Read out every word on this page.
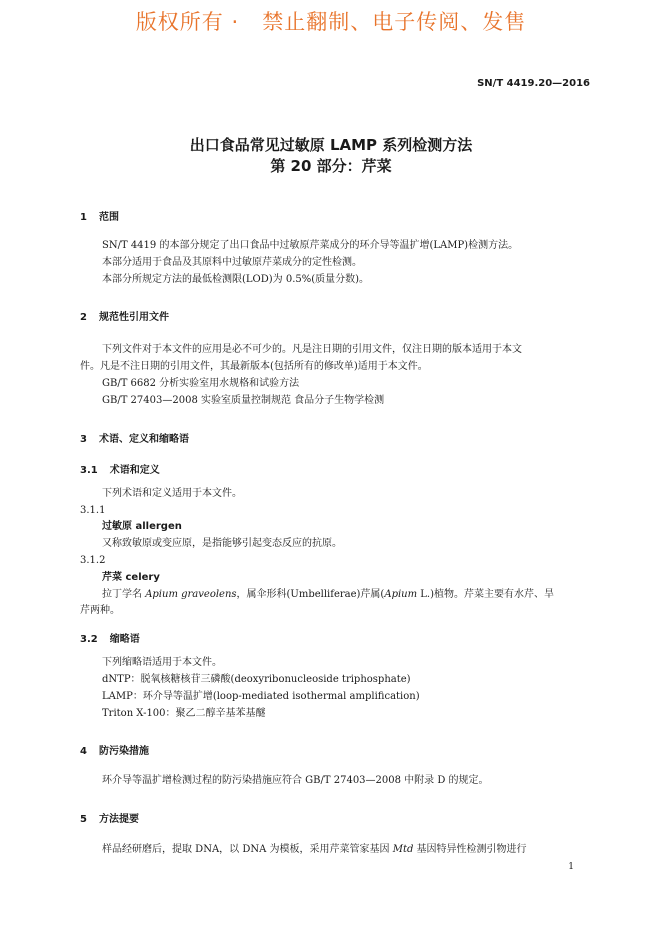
版权所有 ·   禁止翻制、电子传阅、发售
SN/T 4419.20—2016
出口食品常见过敏原 LAMP 系列检测方法
第 20 部分：芹菜
1 范围
SN/T 4419 的本部分规定了出口食品中过敏原芹菜成分的环介导等温扩增(LAMP)检测方法。
本部分适用于食品及其原料中过敏原芹菜成分的定性检测。
本部分所规定方法的最低检测限(LOD)为 0.5%(质量分数)。
2 规范性引用文件
下列文件对于本文件的应用是必不可少的。凡是注日期的引用文件，仅注日期的版本适用于本文
件。凡是不注日期的引用文件，其最新版本(包括所有的修改单)适用于本文件。
GB/T 6682 分析实验室用水规格和试验方法
GB/T 27403—2008 实验室质量控制规范 食品分子生物学检测
3 术语、定义和缩略语
3.1 术语和定义
下列术语和定义适用于本文件。
3.1.1
过敏原 allergen
又称致敏原或变应原，是指能够引起变态反应的抗原。
3.1.2
芹菜 celery
拉丁学名 Apium graveolens，属伞形科(Umbelliferae)芹属(Apium L.)植物。芹菜主要有水芹、旱
芹两种。
3.2 缩略语
下列缩略语适用于本文件。
dNTP：脱氧核糖核苷三磷酸(deoxyribonucleoside triphosphate)
LAMP：环介导等温扩增(loop-mediated isothermal amplification)
Triton X-100：聚乙二醇辛基苯基醚
4 防污染措施
环介导等温扩增检测过程的防污染措施应符合 GB/T 27403—2008 中附录 D 的规定。
5 方法提要
样品经研磨后，提取 DNA，以 DNA 为模板，采用芹菜管家基因 Mtd 基因特异性检测引物进行
1
